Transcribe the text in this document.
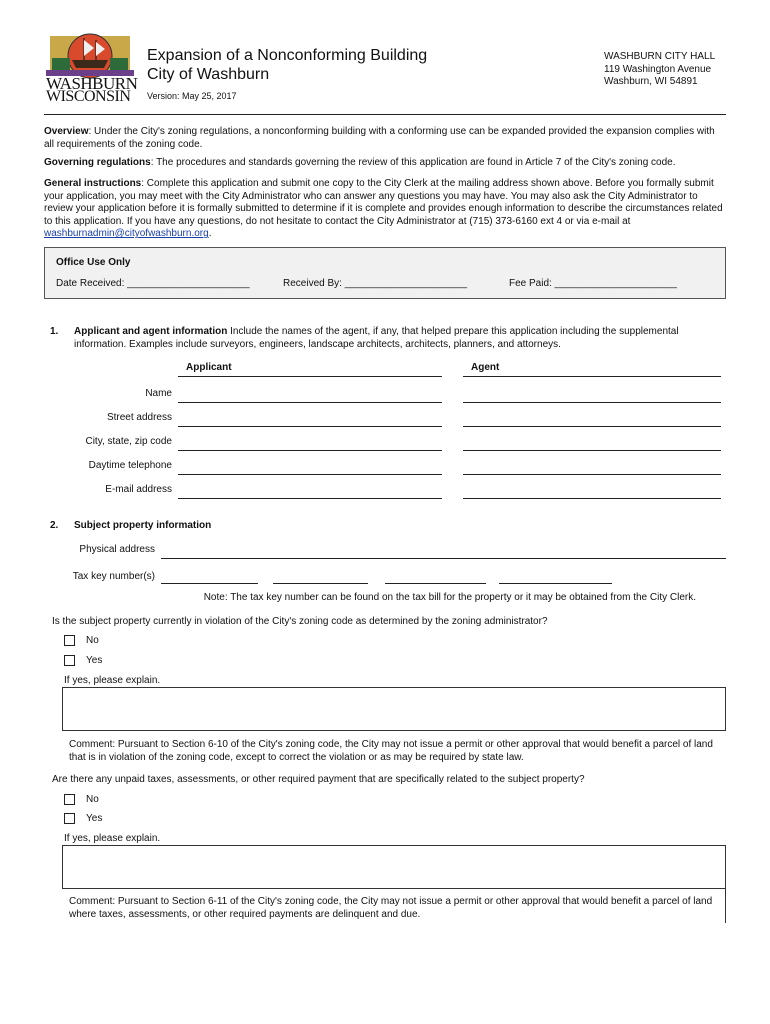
WASHBURN
WISCONSIN
Expansion of a Nonconforming Building
City of Washburn
Version: May 25, 2017
WASHBURN CITY HALL
119 Washington Avenue
Washburn, WI 54891
Overview: Under the City's zoning regulations, a nonconforming building with a conforming use can be expanded provided the expansion complies with all requirements of the zoning code.
Governing regulations: The procedures and standards governing the review of this application are found in Article 7 of the City's zoning code.
General instructions: Complete this application and submit one copy to the City Clerk at the mailing address shown above. Before you formally submit your application, you may meet with the City Administrator who can answer any questions you may have. You may also ask the City Administrator to review your application before it is formally submitted to determine if it is complete and provides enough information to describe the circumstances related to this application. If you have any questions, do not hesitate to contact the City Administrator at (715) 373-6160 ext 4 or via e-mail at washburnadmin@cityofwashburn.org.
Office Use Only
Date Received: ______________________	Received By: ______________________	Fee Paid: ______________________
1. Applicant and agent information Include the names of the agent, if any, that helped prepare this application including the supplemental information. Examples include surveyors, engineers, landscape architects, architects, planners, and attorneys.
Applicant	Agent
Name
Street address
City, state, zip code
Daytime telephone
E-mail address
2. Subject property information
Physical address
Tax key number(s)
Note: The tax key number can be found on the tax bill for the property or it may be obtained from the City Clerk.
Is the subject property currently in violation of the City's zoning code as determined by the zoning administrator?
No
Yes
If yes, please explain.
Comment: Pursuant to Section 6-10 of the City's zoning code, the City may not issue a permit or other approval that would benefit a parcel of land that is in violation of the zoning code, except to correct the violation or as may be required by state law.
Are there any unpaid taxes, assessments, or other required payment that are specifically related to the subject property?
No
Yes
If yes, please explain.
Comment: Pursuant to Section 6-11 of the City's zoning code, the City may not issue a permit or other approval that would benefit a parcel of land where taxes, assessments, or other required payments are delinquent and due.
